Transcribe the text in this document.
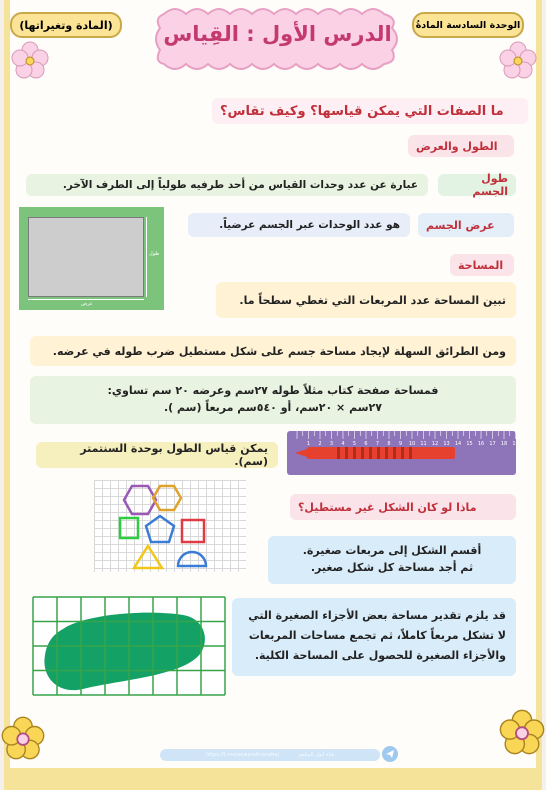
الوحدة السادسة المادةُ
(المادة وتغيراتها)	الدرس الأول : القِياس
ما الصفات التي يمكن قياسها؟ وكيف تقاس؟
الطول والعرض
طول الجسم
عبارة عن عدد وحدات القياس من أحد طرفيه طولياً إلى الطرف الآخر.
طول
عرض
عرض الجسم
هو عدد الوحدات عبر الجسم عرضياً.
المساحة
تبين المساحة عدد المربعات التي تغطي سطحاً ما.
ومن الطرائق السهلة لإيجاد مساحة جسم على شكل مستطيل ضرب طوله في عرضه.
فمساحة صفحة كتاب مثلاً طوله ٢٧سم وعرضه ٢٠ سم تساوي:
٢٧سم × ٢٠سم، أو ٥٤٠سم مربعاً (سم ).
1 2 3 4 5 6 7 8 9 10 11 12 13 14 15 16 17 18 19
يمكن قياس الطول بوحدة السنتمتر (سم).
ماذا لو كان الشكل غير مستطيل؟
أقسم الشكل إلى مربعات صغيرة.
ثم أجد مساحة كل شكل صغير.
قد يلزم تقدير مساحة بعض الأجزاء الصغيرة التي
لا تشكل مربعاً كاملاً، ثم تجمع مساحات المربعات
والأجزاء الصغيرة للحصول على المساحة الكلية.
https://t.me/anwaralmanahej	قناة أنوار المناهج
